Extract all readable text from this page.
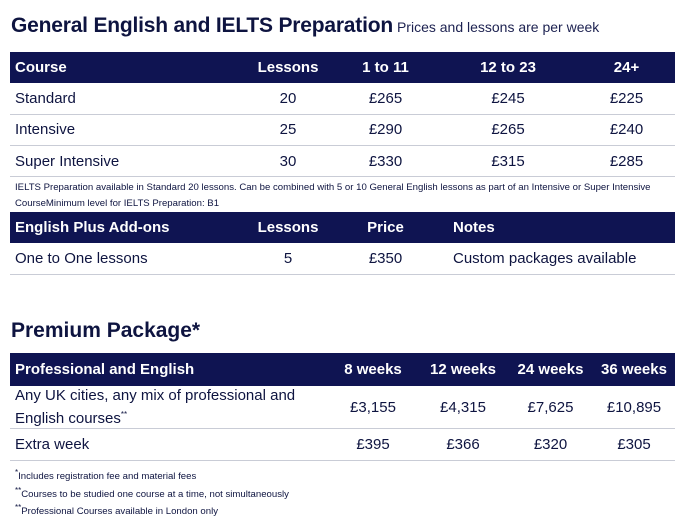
General English and IELTS Preparation Prices and lessons are per week
Course	Lessons	1 to 11	12 to 23	24+
Standard	20	£265	£245	£225
Intensive	25	£290	£265	£240
Super Intensive	30	£330	£315	£285
IELTS Preparation available in Standard 20 lessons. Can be combined with 5 or 10 General English lessons as part of an Intensive or Super Intensive CourseMinimum level for IELTS Preparation: B1
English Plus Add-ons	Lessons	Price	Notes
One to One lessons	5	£350	Custom packages available
Premium Package*
Professional and English	8 weeks	12 weeks	24 weeks	36 weeks
Any UK cities, any mix of professional and English courses**	£3,155	£4,315	£7,625	£10,895
Extra week	£395	£366	£320	£305
*Includes registration fee and material fees
**Courses to be studied one course at a time, not simultaneously
**Professional Courses available in London only
